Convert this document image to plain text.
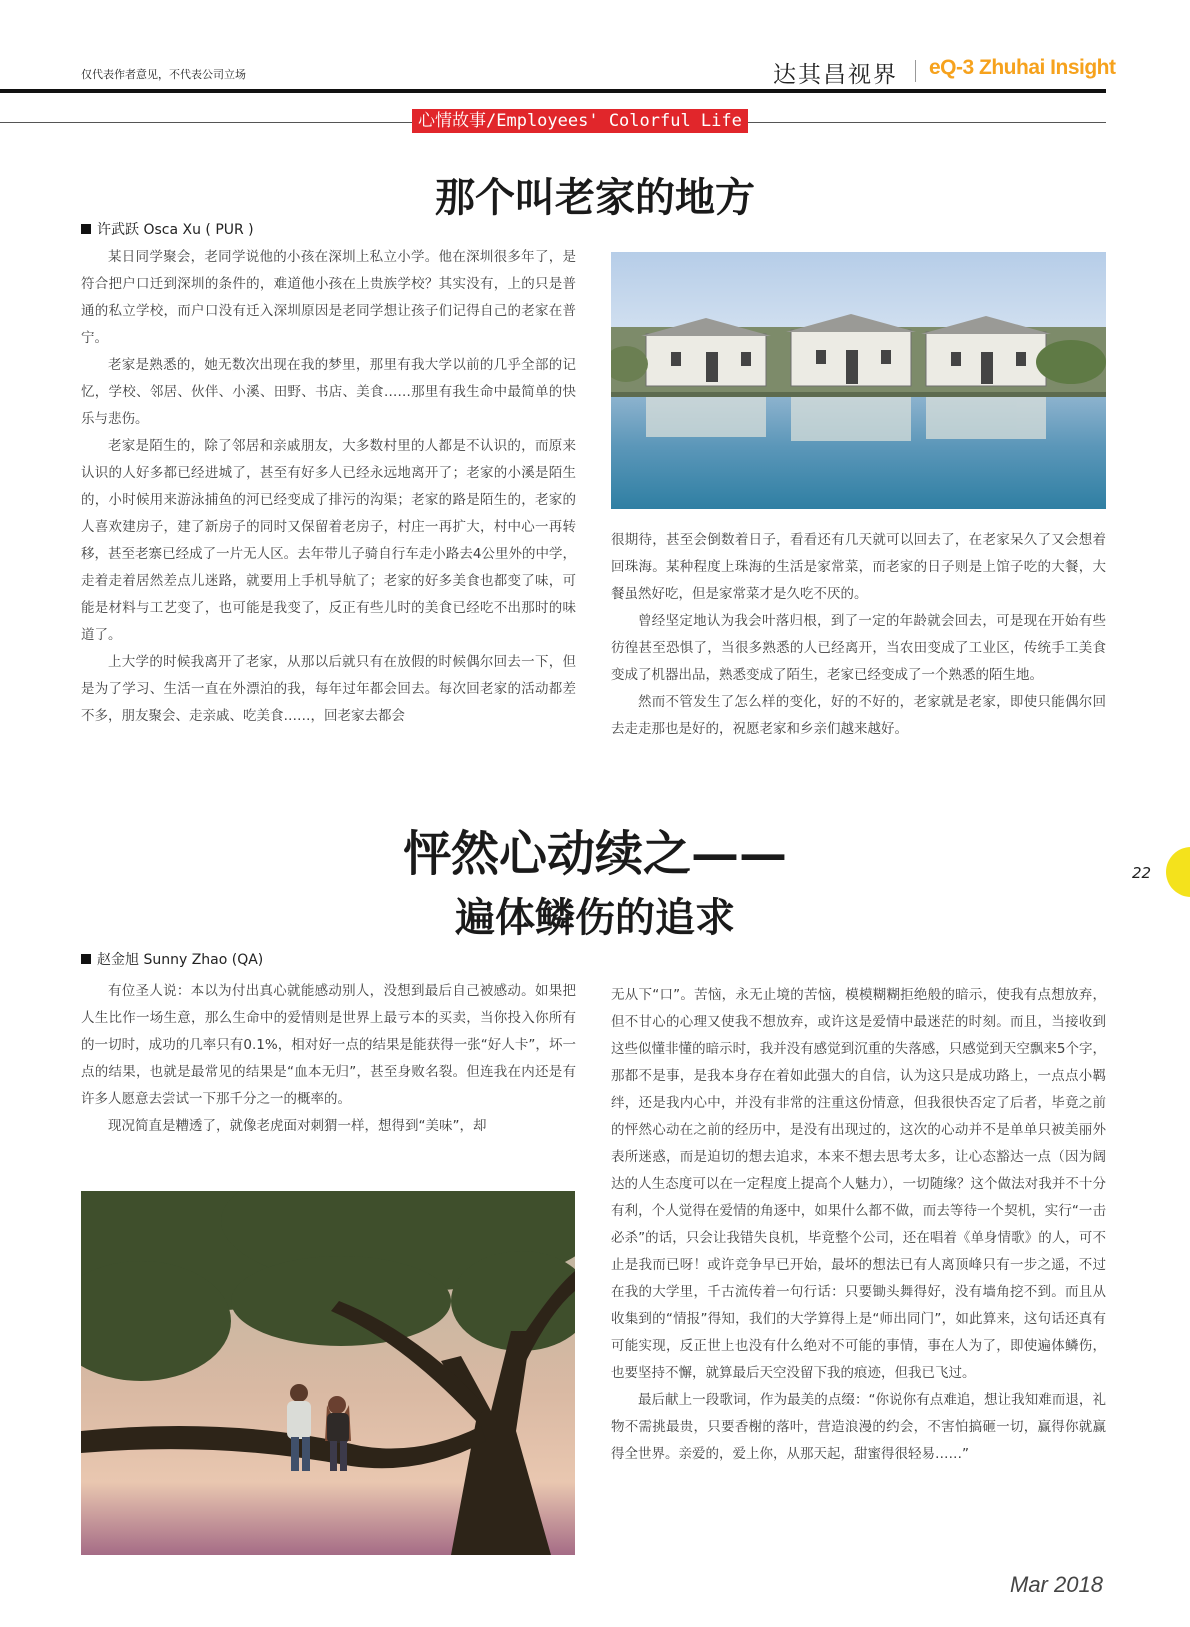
仅代表作者意见，不代表公司立场	达其昌视界 eQ-3 Zhuhai Insight
心情故事/Employees' Colorful Life
那个叫老家的地方
许武跃 Osca Xu ( PUR )

某日同学聚会，老同学说他的小孩在深圳上私立小学。他在深圳很多年了，是符合把户口迁到深圳的条件的，难道他小孩在上贵族学校？其实没有，上的只是普通的私立学校，而户口没有迁入深圳原因是老同学想让孩子们记得自己的老家在普宁。

老家是熟悉的，她无数次出现在我的梦里，那里有我大学以前的几乎全部的记忆，学校、邻居、伙伴、小溪、田野、书店、美食……那里有我生命中最简单的快乐与悲伤。

老家是陌生的，除了邻居和亲戚朋友，大多数村里的人都是不认识的，而原来认识的人好多都已经进城了，甚至有好多人已经永远地离开了；老家的小溪是陌生的，小时候用来游泳捕鱼的河已经变成了排污的沟渠；老家的路是陌生的，老家的人喜欢建房子，建了新房子的同时又保留着老房子，村庄一再扩大，村中心一再转移，甚至老寨已经成了一片无人区。去年带儿子骑自行车走小路去4公里外的中学，走着走着居然差点儿迷路，就要用上手机导航了；老家的好多美食也都变了味，可能是材料与工艺变了，也可能是我变了，反正有些儿时的美食已经吃不出那时的味道了。

上大学的时候我离开了老家，从那以后就只有在放假的时候偶尔回去一下，但是为了学习、生活一直在外漂泊的我，每年过年都会回去。每次回老家的活动都差不多，朋友聚会、走亲戚、吃美食……，回老家去都会

很期待，甚至会倒数着日子，看看还有几天就可以回去了，在老家呆久了又会想着回珠海。某种程度上珠海的生活是家常菜，而老家的日子则是上馆子吃的大餐，大餐虽然好吃，但是家常菜才是久吃不厌的。

曾经坚定地认为我会叶落归根，到了一定的年龄就会回去，可是现在开始有些彷徨甚至恐惧了，当很多熟悉的人已经离开，当农田变成了工业区，传统手工美食变成了机器出品，熟悉变成了陌生，老家已经变成了一个熟悉的陌生地。

然而不管发生了怎么样的变化，好的不好的，老家就是老家，即使只能偶尔回去走走那也是好的，祝愿老家和乡亲们越来越好。

怦然心动续之——
遍体鳞伤的追求
赵金旭 Sunny Zhao (QA)

有位圣人说：本以为付出真心就能感动别人，没想到最后自己被感动。如果把人生比作一场生意，那么生命中的爱情则是世界上最亏本的买卖，当你投入你所有的一切时，成功的几率只有0.1%，相对好一点的结果是能获得一张“好人卡”，坏一点的结果，也就是最常见的结果是“血本无归”，甚至身败名裂。但连我在内还是有许多人愿意去尝试一下那千分之一的概率的。

现况简直是糟透了，就像老虎面对刺猬一样，想得到“美味”，却

无从下“口”。苦恼，永无止境的苦恼，模模糊糊拒绝般的暗示，使我有点想放弃，但不甘心的心理又使我不想放弃，或许这是爱情中最迷茫的时刻。而且，当接收到这些似懂非懂的暗示时，我并没有感觉到沉重的失落感，只感觉到天空飘来5个字，那都不是事，是我本身存在着如此强大的自信，认为这只是成功路上，一点点小羁绊，还是我内心中，并没有非常的注重这份情意，但我很快否定了后者，毕竟之前的怦然心动在之前的经历中，是没有出现过的，这次的心动并不是单单只被美丽外表所迷惑，而是迫切的想去追求，本来不想去思考太多，让心态豁达一点（因为阔达的人生态度可以在一定程度上提高个人魅力），一切随缘？这个做法对我并不十分有利，个人觉得在爱情的角逐中，如果什么都不做，而去等待一个契机，实行“一击必杀”的话，只会让我错失良机，毕竟整个公司，还在唱着《单身情歌》的人，可不止是我而已呀！或许竞争早已开始，最坏的想法已有人离顶峰只有一步之遥，不过在我的大学里，千古流传着一句行话：只要锄头舞得好，没有墙角挖不到。而且从收集到的“情报”得知，我们的大学算得上是“师出同门”，如此算来，这句话还真有可能实现，反正世上也没有什么绝对不可能的事情，事在人为了，即使遍体鳞伤，也要坚持不懈，就算最后天空没留下我的痕迹，但我已飞过。

最后献上一段歌词，作为最美的点缀：“你说你有点难追，想让我知难而退，礼物不需挑最贵，只要香榭的落叶，营造浪漫的约会，不害怕搞砸一切，赢得你就赢得全世界。亲爱的，爱上你，从那天起，甜蜜得很轻易……”

22
Mar 2018
